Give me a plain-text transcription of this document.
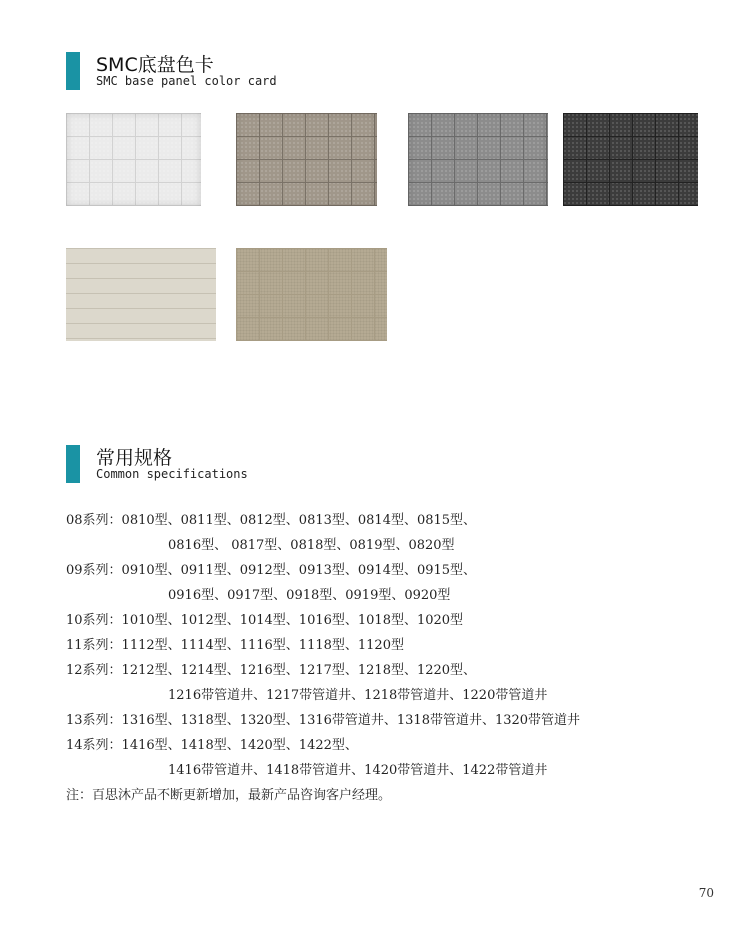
SMC底盘色卡
SMC base panel color card
常用规格
Common specifications
08系列：0810型、0811型、0812型、0813型、0814型、0815型、
0816型、 0817型、0818型、0819型、0820型
09系列：0910型、0911型、0912型、0913型、0914型、0915型、
0916型、0917型、0918型、0919型、0920型
10系列：1010型、1012型、1014型、1016型、1018型、1020型
11系列：1112型、1114型、1116型、1118型、1120型
12系列：1212型、1214型、1216型、1217型、1218型、1220型、
1216带管道井、1217带管道井、1218带管道井、1220带管道井
13系列：1316型、1318型、1320型、1316带管道井、1318带管道井、1320带管道井
14系列：1416型、1418型、1420型、1422型、
1416带管道井、1418带管道井、1420带管道井、1422带管道井
注：百思沐产品不断更新增加，最新产品咨询客户经理。
70
